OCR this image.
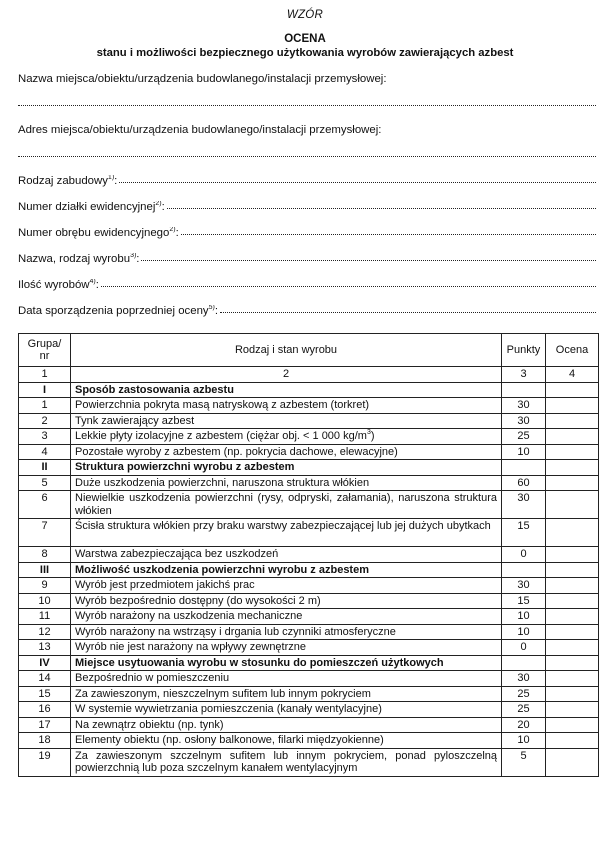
WZÓR
OCENA
stanu i możliwości bezpiecznego użytkowania wyrobów zawierających azbest
Nazwa miejsca/obiektu/urządzenia budowlanego/instalacji przemysłowej:
Adres miejsca/obiektu/urządzenia budowlanego/instalacji przemysłowej:
Rodzaj zabudowy$^{1)}$:
Numer działki ewidencyjnej$^{2)}$:
Numer obrębu ewidencyjnego$^{2)}$:
Nazwa, rodzaj wyrobu$^{3)}$:
Ilość wyrobów$^{4)}$:
Data sporządzenia poprzedniej oceny$^{5)}$:
Grupa/ nr	Rodzaj i stan wyrobu	Punkty	Ocena
1	2	3	4
I	Sposób zastosowania azbestu		
1	Powierzchnia pokryta masą natryskową z azbestem (torkret)	30	
2	Tynk zawierający azbest	30	
3	Lekkie płyty izolacyjne z azbestem (ciężar obj. < 1 000 $kg/m^3$)	25	
4	Pozostałe wyroby z azbestem (np. pokrycia dachowe, elewacyjne)	10	
II	Struktura powierzchni wyrobu z azbestem		
5	Duże uszkodzenia powierzchni, naruszona struktura włókien	60	
6	Niewielkie uszkodzenia powierzchni (rysy, odpryski, załamania), naruszona struktura włókien	30	
7	Ścisła struktura włókien przy braku warstwy zabezpieczającej lub jej dużych ubytkach	15	
8	Warstwa zabezpieczająca bez uszkodzeń	0	
III	Możliwość uszkodzenia powierzchni wyrobu z azbestem		
9	Wyrób jest przedmiotem jakichś prac	30	
10	Wyrób bezpośrednio dostępny (do wysokości 2 m)	15	
11	Wyrób narażony na uszkodzenia mechaniczne	10	
12	Wyrób narażony na wstrząsy i drgania lub czynniki atmosferyczne	10	
13	Wyrób nie jest narażony na wpływy zewnętrzne	0	
IV	Miejsce usytuowania wyrobu w stosunku do pomieszczeń użytkowych		
14	Bezpośrednio w pomieszczeniu	30	
15	Za zawieszonym, nieszczelnym sufitem lub innym pokryciem	25	
16	W systemie wywietrzania pomieszczenia (kanały wentylacyjne)	25	
17	Na zewnątrz obiektu (np. tynk)	20	
18	Elementy obiektu (np. osłony balkonowe, filarki międzyokienne)	10	
19	Za zawieszonym szczelnym sufitem lub innym pokryciem, ponad pyloszczelną powierzchnią lub poza szczelnym kanałem wentylacyjnym	5	
